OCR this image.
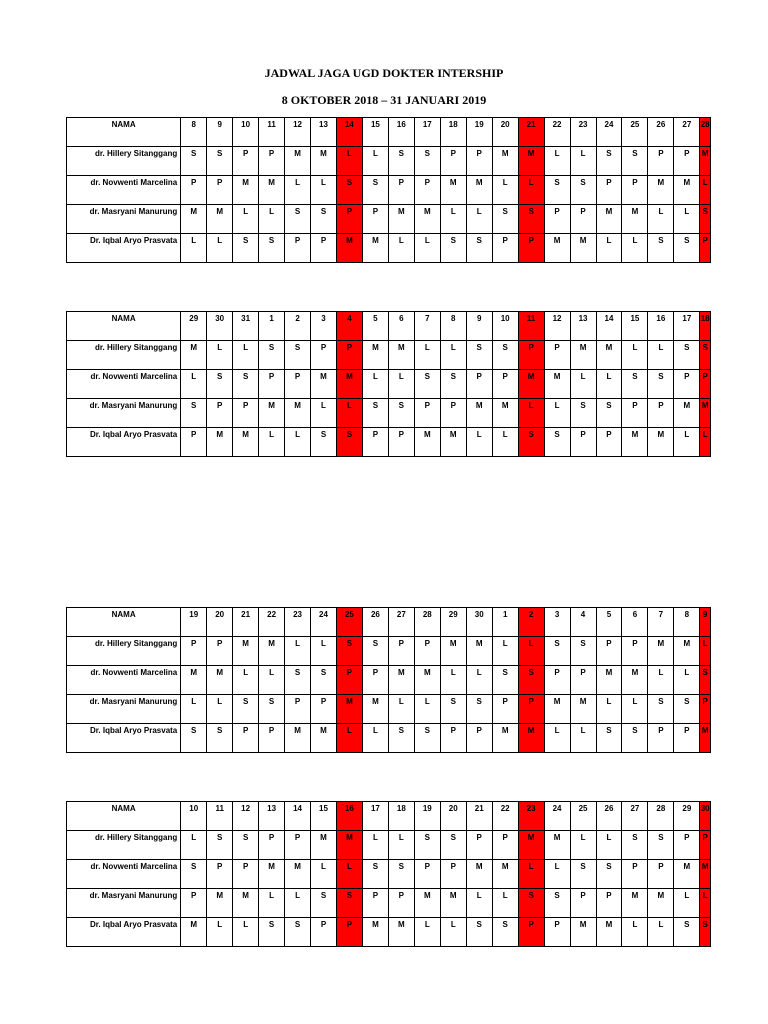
JADWAL JAGA UGD DOKTER INTERSHIP
8 OKTOBER 2018 – 31 JANUARI 2019
NAMA	8	9	10	11	12	13	14	15	16	17	18	19	20	21	22	23	24	25	26	27	28
dr. Hillery Sitanggang	S	S	P	P	M	M	L	L	S	S	P	P	M	M	L	L	S	S	P	P	M
dr. Novwenti Marcelina	P	P	M	M	L	L	S	S	P	P	M	M	L	L	S	S	P	P	M	M	L
dr. Masryani Manurung	M	M	L	L	S	S	P	P	M	M	L	L	S	S	P	P	M	M	L	L	S
Dr. Iqbal Aryo Prasvata	L	L	S	S	P	P	M	M	L	L	S	S	P	P	M	M	L	L	S	S	P
NAMA	29	30	31	1	2	3	4	5	6	7	8	9	10	11	12	13	14	15	16	17	18
dr. Hillery Sitanggang	M	L	L	S	S	P	P	M	M	L	L	S	S	P	P	M	M	L	L	S	S
dr. Novwenti Marcelina	L	S	S	P	P	M	M	L	L	S	S	P	P	M	M	L	L	S	S	P	P
dr. Masryani Manurung	S	P	P	M	M	L	L	S	S	P	P	M	M	L	L	S	S	P	P	M	M
Dr. Iqbal Aryo Prasvata	P	M	M	L	L	S	S	P	P	M	M	L	L	S	S	P	P	M	M	L	L
NAMA	19	20	21	22	23	24	25	26	27	28	29	30	1	2	3	4	5	6	7	8	9
dr. Hillery Sitanggang	P	P	M	M	L	L	S	S	P	P	M	M	L	L	S	S	P	P	M	M	L
dr. Novwenti Marcelina	M	M	L	L	S	S	P	P	M	M	L	L	S	S	P	P	M	M	L	L	S
dr. Masryani Manurung	L	L	S	S	P	P	M	M	L	L	S	S	P	P	M	M	L	L	S	S	P
Dr. Iqbal Aryo Prasvata	S	S	P	P	M	M	L	L	S	S	P	P	M	M	L	L	S	S	P	P	M
NAMA	10	11	12	13	14	15	16	17	18	19	20	21	22	23	24	25	26	27	28	29	30
dr. Hillery Sitanggang	L	S	S	P	P	M	M	L	L	S	S	P	P	M	M	L	L	S	S	P	P
dr. Novwenti Marcelina	S	P	P	M	M	L	L	S	S	P	P	M	M	L	L	S	S	P	P	M	M
dr. Masryani Manurung	P	M	M	L	L	S	S	P	P	M	M	L	L	S	S	P	P	M	M	L	L
Dr. Iqbal Aryo Prasvata	M	L	L	S	S	P	P	M	M	L	L	S	S	P	P	M	M	L	L	S	S
